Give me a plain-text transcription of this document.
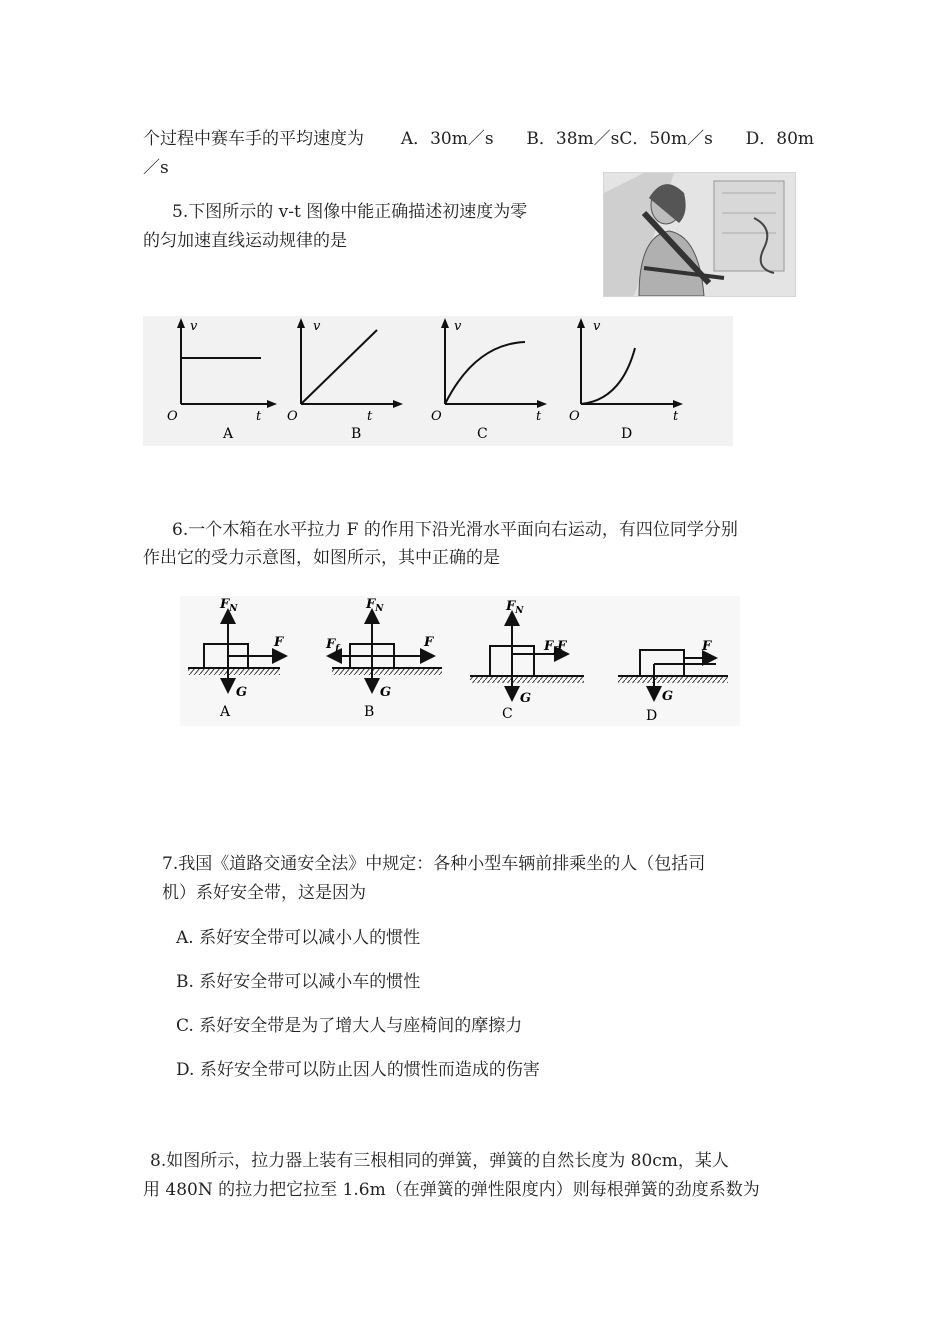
个过程中赛车手的平均速度为 A．30m／s B．38m／sC．50m／s D．80m
／s
5.下图所示的 v-t 图像中能正确描述初速度为零
的匀加速直线运动规律的是
v
O	t
A
v
O	t
B
v
O	t
C
v
O	t
D
6.一个木箱在水平拉力 F 的作用下沿光滑水平面向右运动，有四位同学分别
作出它的受力示意图，如图所示，其中正确的是
$F_N$
F
G
A
$F_N$
$F_f$	F
G
B
$F_N$
$F_fF$
G
C
F
G
D
7.我国《道路交通安全法》中规定：各种小型车辆前排乘坐的人（包括司
机）系好安全带，这是因为
A. 系好安全带可以减小人的惯性
B. 系好安全带可以减小车的惯性
C. 系好安全带是为了增大人与座椅间的摩擦力
D. 系好安全带可以防止因人的惯性而造成的伤害
8.如图所示，拉力器上装有三根相同的弹簧，弹簧的自然长度为 80cm，某人
用 480N 的拉力把它拉至 1.6m（在弹簧的弹性限度内）则每根弹簧的劲度系数为
